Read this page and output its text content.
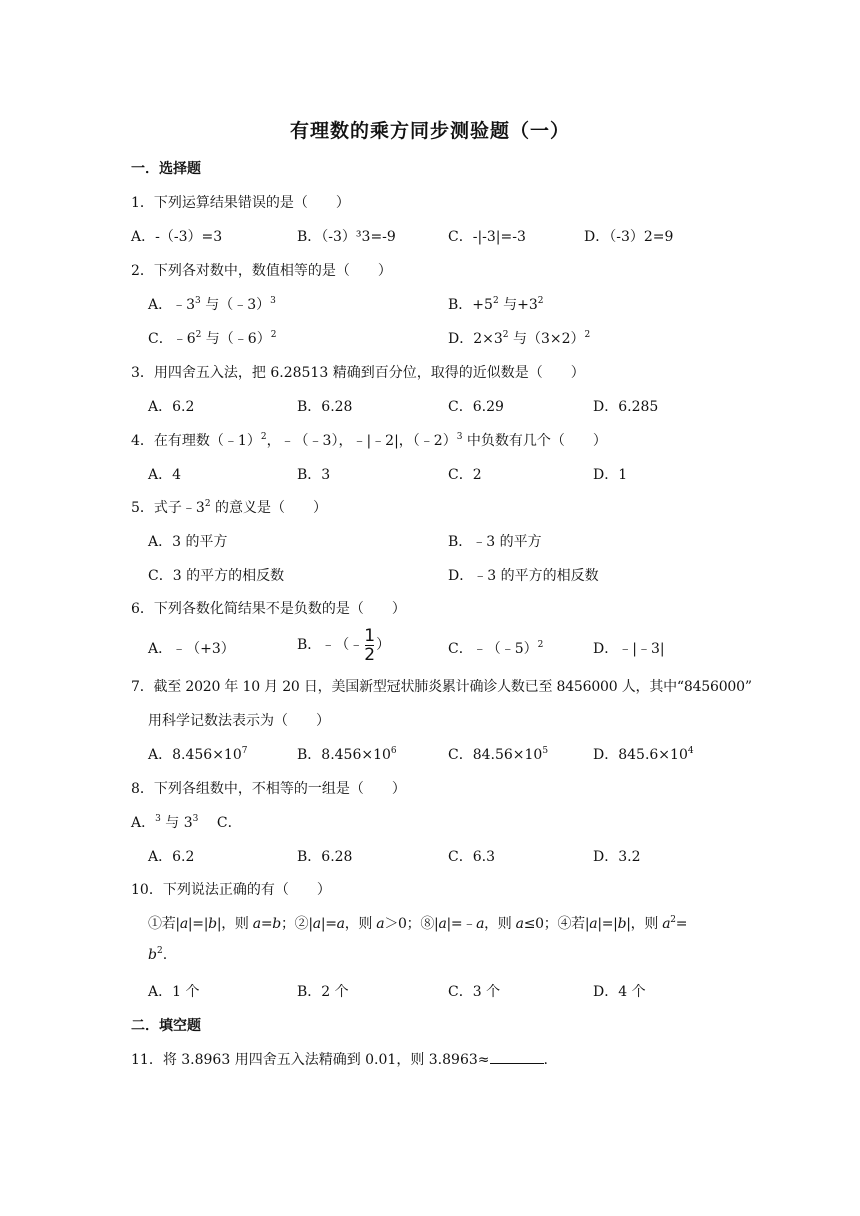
有理数的乘方同步测验题（一）
一．选择题
1．下列运算结果错误的是（　　）
A．-（-3）=3	B．（-3）³3=-9	C．-|-3|=-3	D．（-3）2=9
2．下列各对数中，数值相等的是（　　）
A．$﹣3^3$ 与（﹣3）$^3$	B．$+5^2$ 与$+3^2$
C．$﹣6^2$ 与（﹣6）$^2$	D．$2\times 3^2$ 与$(3\times 2)^2$
3．用四舍五入法，把 6.28513 精确到百分位，取得的近似数是（　　）
A．6.2	B．6.28	C．6.29	D．6.285
4．在有理数（﹣1）$^2$，﹣（﹣3），﹣|﹣2|，（﹣2）$^3$ 中负数有几个（　　）
A．4	B．3	C．2	D．1
5．式子$﹣3^2$ 的意义是（　　）
A．3 的平方	B．﹣3 的平方
C．3 的平方的相反数	D．﹣3 的平方的相反数
6．下列各数化简结果不是负数的是（　　）
A．﹣（+3）	B．﹣（﹣ $\frac{1}{2}$ ）	C．﹣（﹣5）$^2$	D．﹣|﹣3|
7．截至 2020 年 10 月 20 日，美国新型冠状肺炎累计确诊人数已至 8456000 人，其中“8456000”
用科学记数法表示为（　　）
A．$8.456\times 10^7$	B．$8.456\times 10^6$	C．$84.56\times 10^5$	D．$845.6\times 10^4$
8．下列各组数中，不相等的一组是（　　）
A．$^3$ 与 $3^3$　 C．
A．6.2	B．6.28	C．6.3	D．3.2
10．下列说法正确的有（　　）
①若|a|=|b|，则 a=b；②|a|=a，则 a＞0；⑧|a|=﹣a，则 a≤0；④若|a|=|b|，则 $a^2=$
$b^2$.
A．1 个	B．2 个	C．3 个	D．4 个
二．填空题
11．将 3.8963 用四舍五入法精确到 0.01，则 3.8963≈	.
